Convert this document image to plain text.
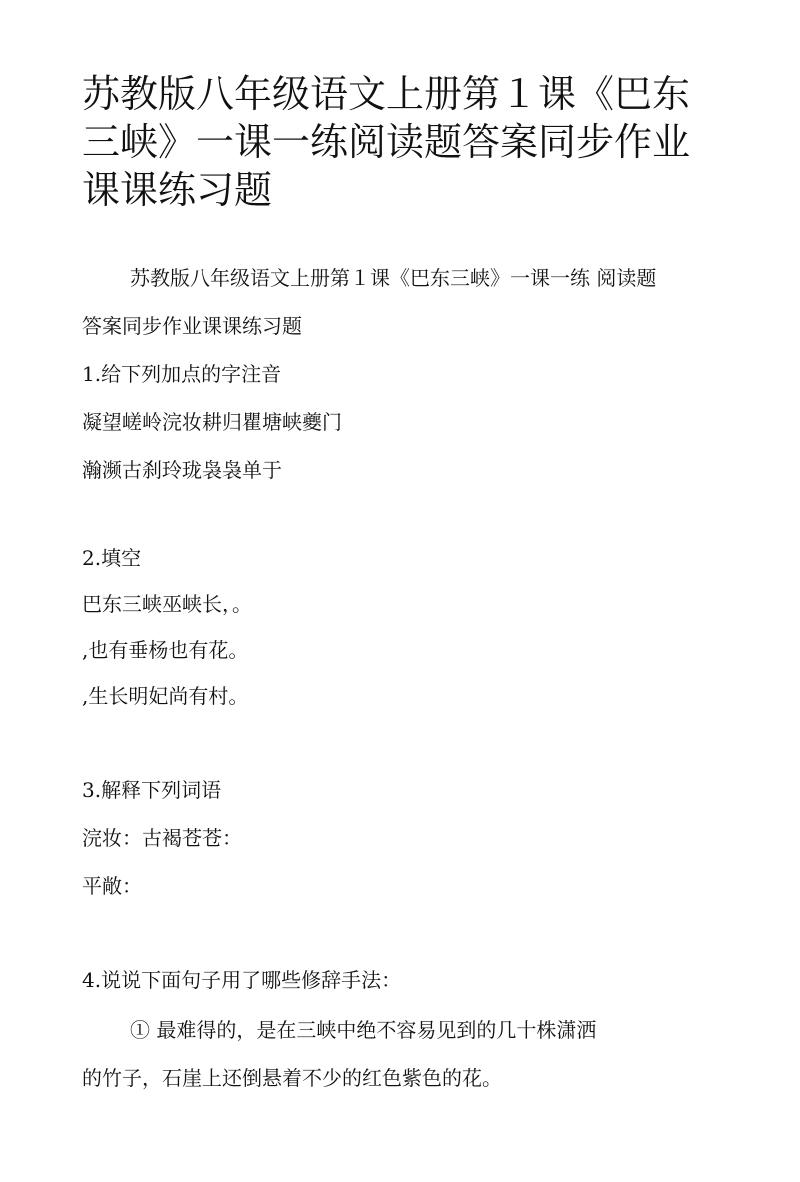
苏教版八年级语文上册第１课《巴东三峡》一课一练阅读题答案同步作业课课练习题
苏教版八年级语文上册第１课《巴东三峡》一课一练 阅读题
答案同步作业课课练习题
1.给下列加点的字注音
凝望嵯岭浣妆耕归瞿塘峡夔门
瀚濒古刹玲珑袅袅单于
2.填空
巴东三峡巫峡长，。
,也有垂杨也有花。
,生长明妃尚有村。
3.解释下列词语
浣妆：古褐苍苍：
平敞：
4.说说下面句子用了哪些修辞手法：
① 最难得的，是在三峡中绝不容易见到的几十株潇洒
的竹子，石崖上还倒悬着不少的红色紫色的花。
